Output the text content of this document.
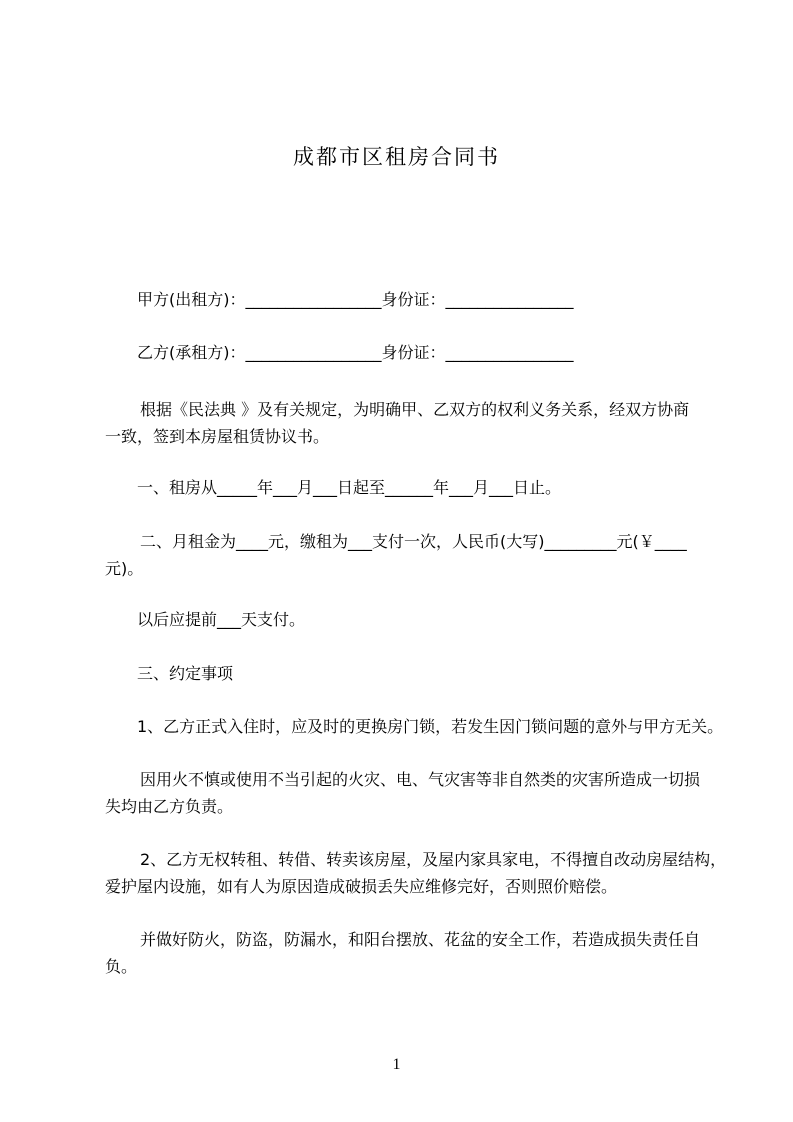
成都市区租房合同书
甲方(出租方)：_________________身份证：________________
乙方(承租方)：_________________身份证：________________
根据《民法典 》及有关规定，为明确甲、乙双方的权利义务关系，经双方协商
一致，签到本房屋租赁协议书。
一、租房从_____年___月___日起至______年___月___日止。
二、月租金为____元，缴租为___支付一次，人民币(大写)_________元(￥____
元)。
以后应提前___天支付。
三、约定事项
1、乙方正式入住时，应及时的更换房门锁，若发生因门锁问题的意外与甲方无关。
因用火不慎或使用不当引起的火灾、电、气灾害等非自然类的灾害所造成一切损
失均由乙方负责。
2、乙方无权转租、转借、转卖该房屋，及屋内家具家电，不得擅自改动房屋结构，
爱护屋内设施，如有人为原因造成破损丢失应维修完好，否则照价赔偿。
并做好防火，防盗，防漏水，和阳台摆放、花盆的安全工作，若造成损失责任自
负。
1
